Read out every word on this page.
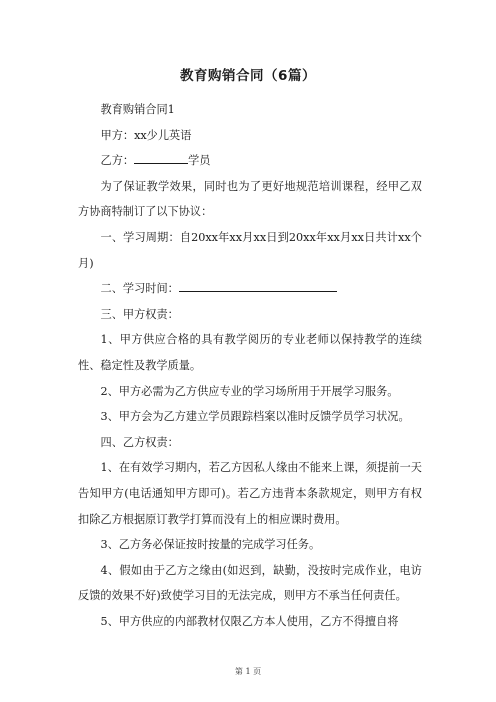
教育购销合同（6篇）

教育购销合同1

甲方：xx少儿英语

乙方：	学员

为了保证教学效果，同时也为了更好地规范培训课程，经甲乙双方协商特制订了以下协议：

一、学习周期：自20xx年xx月xx日到20xx年xx月xx日共计xx个月)

二、学习时间：

三、甲方权责：

1、甲方供应合格的具有教学阅历的专业老师以保持教学的连续性、稳定性及教学质量。

2、甲方必需为乙方供应专业的学习场所用于开展学习服务。

3、甲方会为乙方建立学员跟踪档案以准时反馈学员学习状况。

四、乙方权责：

1、在有效学习期内，若乙方因私人缘由不能来上课，须提前一天告知甲方(电话通知甲方即可)。若乙方违背本条款规定，则甲方有权扣除乙方根据原订教学打算而没有上的相应课时费用。

3、乙方务必保证按时按量的完成学习任务。

4、假如由于乙方之缘由(如迟到，缺勤，没按时完成作业，电访反馈的效果不好)致使学习目的无法完成，则甲方不承当任何责任。

5、甲方供应的内部教材仅限乙方本人使用，乙方不得擅自将

第 1 页
